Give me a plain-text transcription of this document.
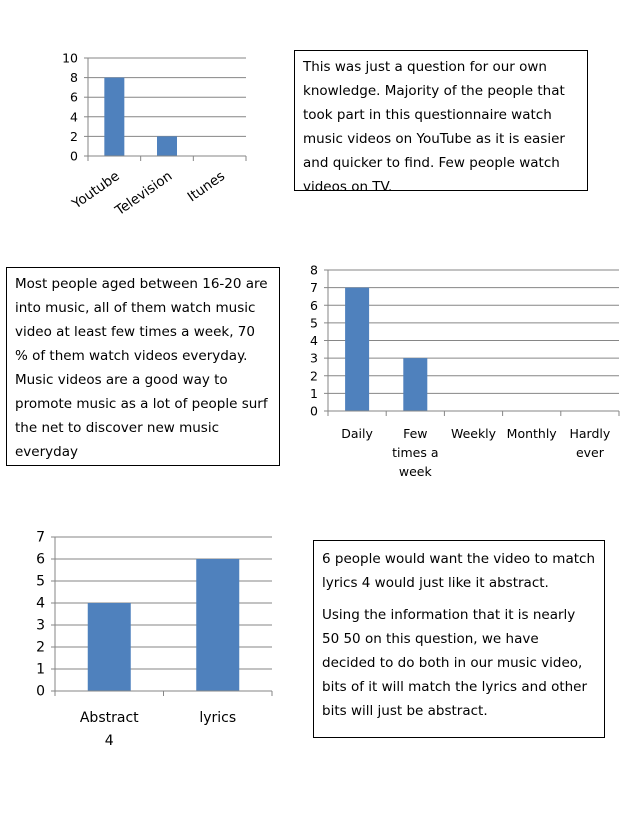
0
2
4
6
8
10
Youtube
Television Itunes
0
1
2
3
4
5
6
7
8
Daily	Few times a week
Weekly Monthly Hardly ever
0
1
2
3
4
5
6
7
Abstract 4
lyrics
This was just a question for our own knowledge. Majority of the people that took part in this questionnaire watch music videos on YouTube as it is easier and quicker to find. Few people watch videos on TV.
Most people aged between 16-20 are into music, all of them watch music video at least few times a week, 70 % of them watch videos everyday. Music videos are a good way to promote music as a lot of people surf the net to discover new music everyday

6 people would want the video to match lyrics 4 would just like it abstract.

Using the information that it is nearly 50 50 on this question, we have decided to do both in our music video, bits of it will match the lyrics and other bits will just be abstract.
